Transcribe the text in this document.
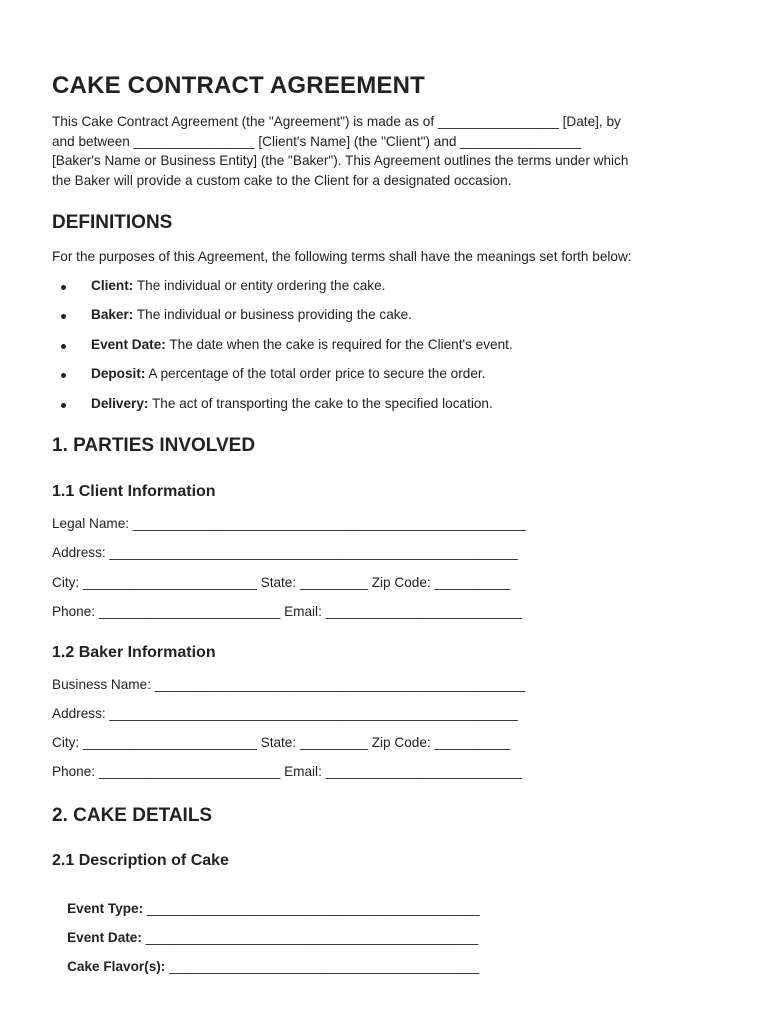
CAKE CONTRACT AGREEMENT
This Cake Contract Agreement (the "Agreement") is made as of ________________ [Date], by
and between ________________ [Client's Name] (the "Client") and ________________
[Baker's Name or Business Entity] (the "Baker"). This Agreement outlines the terms under which
the Baker will provide a custom cake to the Client for a designated occasion.
DEFINITIONS

For the purposes of this Agreement, the following terms shall have the meanings set forth below:

Client: The individual or entity ordering the cake.
Baker: The individual or business providing the cake.
Event Date: The date when the cake is required for the Client's event.
Deposit: A percentage of the total order price to secure the order.
Delivery: The act of transporting the cake to the specified location.
1. PARTIES INVOLVED
1.1 Client Information

Legal Name: ____________________________________________________

Address: ______________________________________________________

City: _______________________ State: _________ Zip Code: __________

Phone: ________________________ Email: __________________________

1.2 Baker Information

Business Name: _________________________________________________

Address: ______________________________________________________

City: _______________________ State: _________ Zip Code: __________

Phone: ________________________ Email: __________________________

2. CAKE DETAILS
2.1 Description of Cake

Event Type: ____________________________________________

Event Date: ____________________________________________

Cake Flavor(s): _________________________________________
